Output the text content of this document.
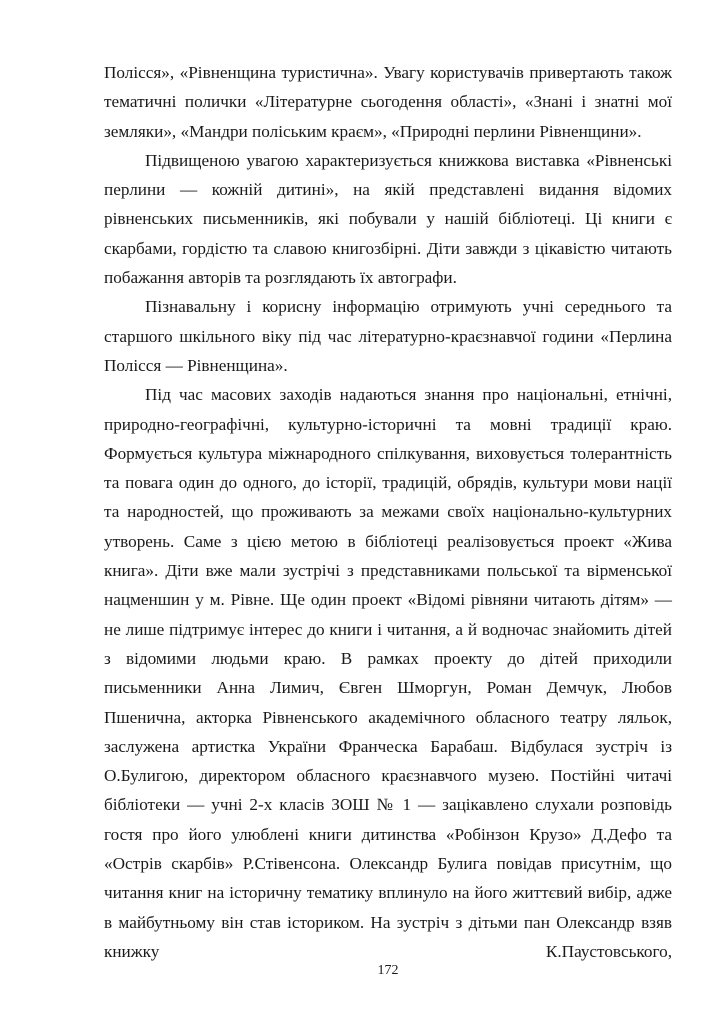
Полісся», «Рівненщина туристична». Увагу користувачів привертають також тематичні полички «Літературне сьогодення області», «Знані і знатні мої земляки», «Мандри поліським краєм», «Природні перлини Рівненщини».

Підвищеною увагою характеризується книжкова виставка «Рівненські перлини — кожній дитині», на якій представлені видання відомих рівненських письменників, які побували у нашій бібліотеці. Ці книги є скарбами, гордістю та славою книгозбірні. Діти завжди з цікавістю читають побажання авторів та розглядають їх автографи.

Пізнавальну і корисну інформацію отримують учні середнього та старшого шкільного віку під час літературно-краєзнавчої години «Перлина Полісся — Рівненщина».

Під час масових заходів надаються знання про національні, етнічні, природно-географічні, культурно-історичні та мовні традиції краю. Формується культура міжнародного спілкування, виховується толерантність та повага один до одного, до історії, традицій, обрядів, культури мови нації та народностей, що проживають за межами своїх національно-культурних утворень. Саме з цією метою в бібліотеці реалізовується проект «Жива книга». Діти вже мали зустрічі з представниками польської та вірменської нацменшин у м. Рівне. Ще один проект «Відомі рівняни читають дітям» — не лише підтримує інтерес до книги і читання, а й водночас знайомить дітей з відомими людьми краю. В рамках проекту до дітей приходили письменники Анна Лимич, Євген Шморгун, Роман Демчук, Любов Пшенична, акторка Рівненського академічного обласного театру ляльок, заслужена артистка України Франческа Барабаш. Відбулася зустріч із О.Булигою, директором обласного краєзнавчого музею. Постійні читачі бібліотеки — учні 2-х класів ЗОШ № 1 — зацікавлено слухали розповідь гостя про його улюблені книги дитинства «Робінзон Крузо» Д.Дефо та «Острів скарбів» Р.Стівенсона. Олександр Булига повідав присутнім, що читання книг на історичну тематику вплинуло на його життєвий вибір, адже в майбутньому він став істориком. На зустріч з дітьми пан Олександр взяв книжку К.Паустовського,

172
